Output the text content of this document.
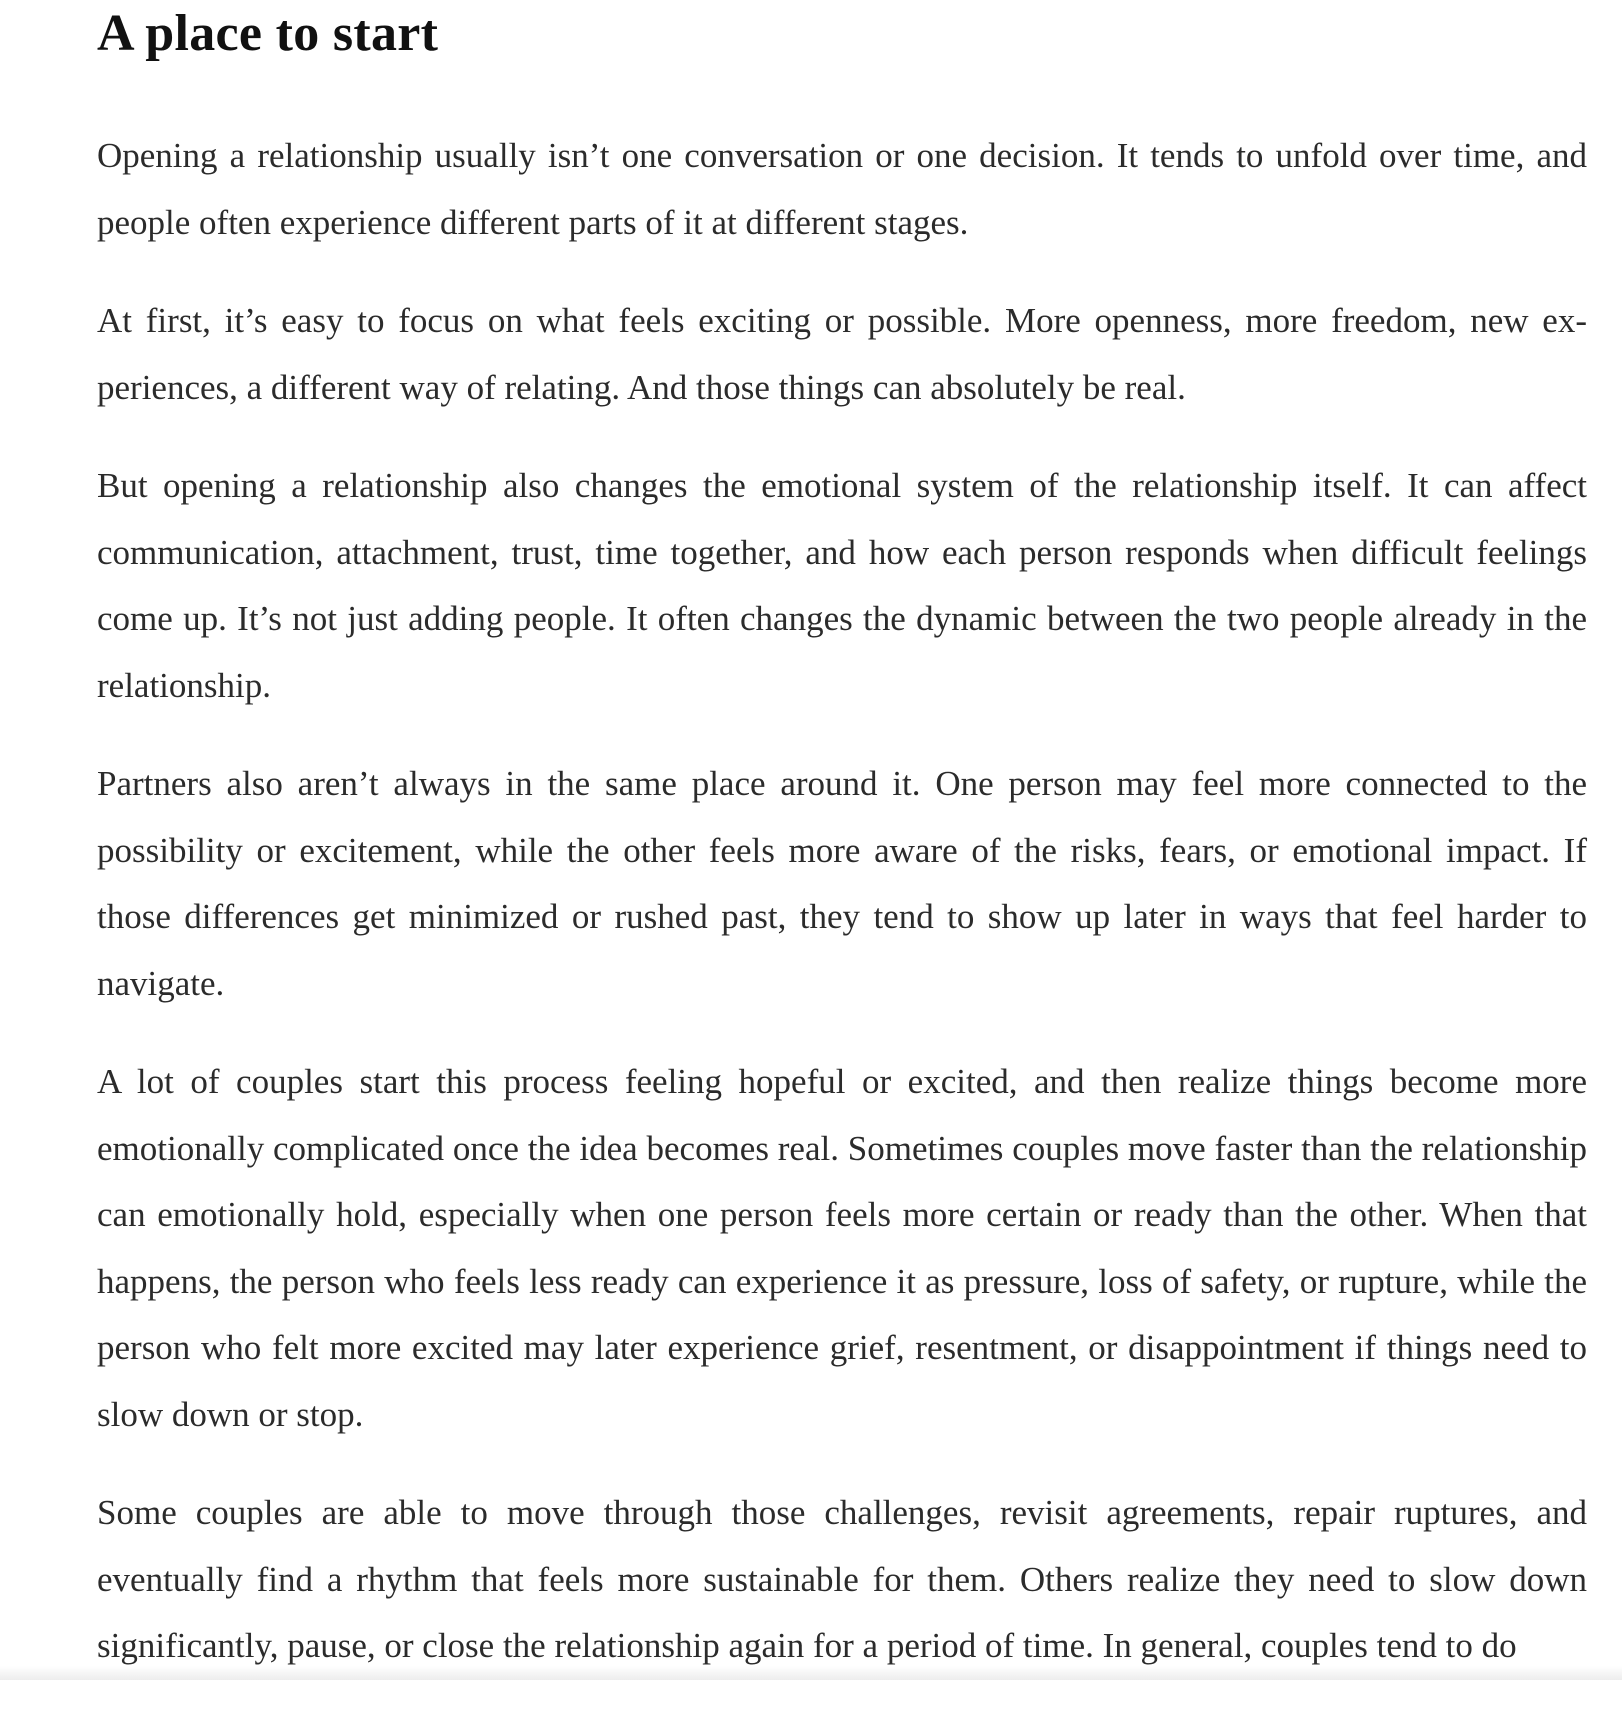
A place to start

Opening a relationship usually isn’t one conversation or one decision. It tends to unfold over time, and people often experience different parts of it at different stages.

At first, it’s easy to focus on what feels exciting or possible. More openness, more freedom, new experiences, a different way of relating. And those things can absolutely be real.

But opening a relationship also changes the emotional system of the relationship itself. It can affect communication, attachment, trust, time together, and how each person responds when difficult feelings come up. It’s not just adding people. It often changes the dynamic between the two people already in the relationship.

Partners also aren’t always in the same place around it. One person may feel more connected to the possibility or excitement, while the other feels more aware of the risks, fears, or emotional impact. If those differences get minimized or rushed past, they tend to show up later in ways that feel harder to navigate.

A lot of couples start this process feeling hopeful or excited, and then realize things become more emotionally complicated once the idea becomes real. Sometimes couples move faster than the relationship can emotionally hold, especially when one person feels more certain or ready than the other. When that happens, the person who feels less ready can experience it as pressure, loss of safety, or rupture, while the person who felt more excited may later experience grief, resentment, or disappointment if things need to slow down or stop.

Some couples are able to move through those challenges, revisit agreements, repair ruptures, and eventually find a rhythm that feels more sustainable for them. Others realize they need to slow down significantly, pause, or close the relationship again for a period of time. In general, couples tend to do
